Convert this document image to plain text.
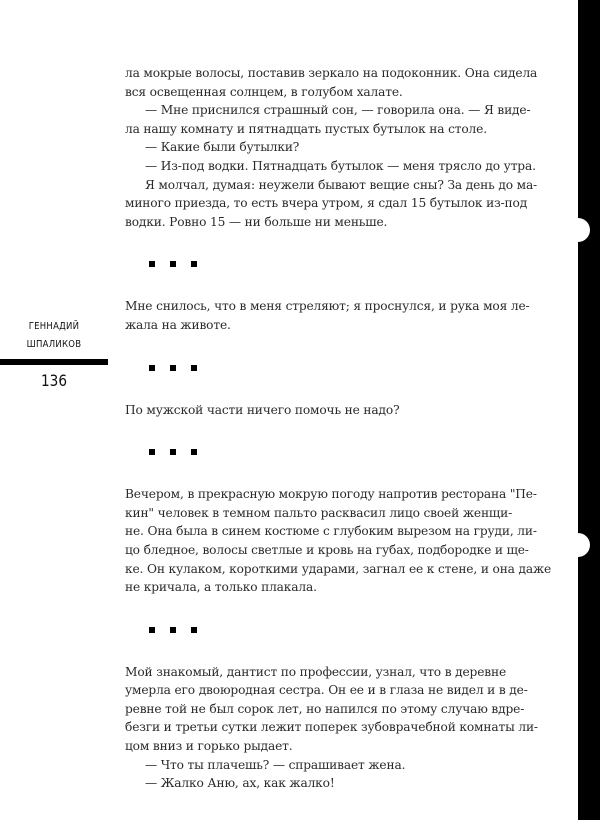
ГЕННАДИЙ
ШПАЛИКОВ
136

ла мокрые волосы, поставив зеркало на подоконник. Она сидела

вся освещенная солнцем, в голубом халате.

— Мне приснился страшный сон, — говорила она. — Я виде-

ла нашу комнату и пятнадцать пустых бутылок на столе.

— Какие были бутылки?

— Из-под водки. Пятнадцать бутылок — меня трясло до утра.

Я молчал, думая: неужели бывают вещие сны? За день до ма-

миного приезда, то есть вчера утром, я сдал 15 бутылок из-под

водки. Ровно 15 — ни больше ни меньше.

Мне снилось, что в меня стреляют; я проснулся, и рука моя ле-

жала на животе.

По мужской части ничего помочь не надо?

Вечером, в прекрасную мокрую погоду напротив ресторана "Пе-

кин" человек в темном пальто расквасил лицо своей женщи-

не. Она была в синем костюме с глубоким вырезом на груди, ли-

цо бледное, волосы светлые и кровь на губах, подбородке и ще-

ке. Он кулаком, короткими ударами, загнал ее к стене, и она даже

не кричала, а только плакала.

Мой знакомый, дантист по профессии, узнал, что в деревне

умерла его двоюродная сестра. Он ее и в глаза не видел и в де-

ревне той не был сорок лет, но напился по этому случаю вдре-

безги и третьи сутки лежит поперек зубоврачебной комнаты ли-

цом вниз и горько рыдает.

— Что ты плачешь? — спрашивает жена.

— Жалко Аню, ах, как жалко!
